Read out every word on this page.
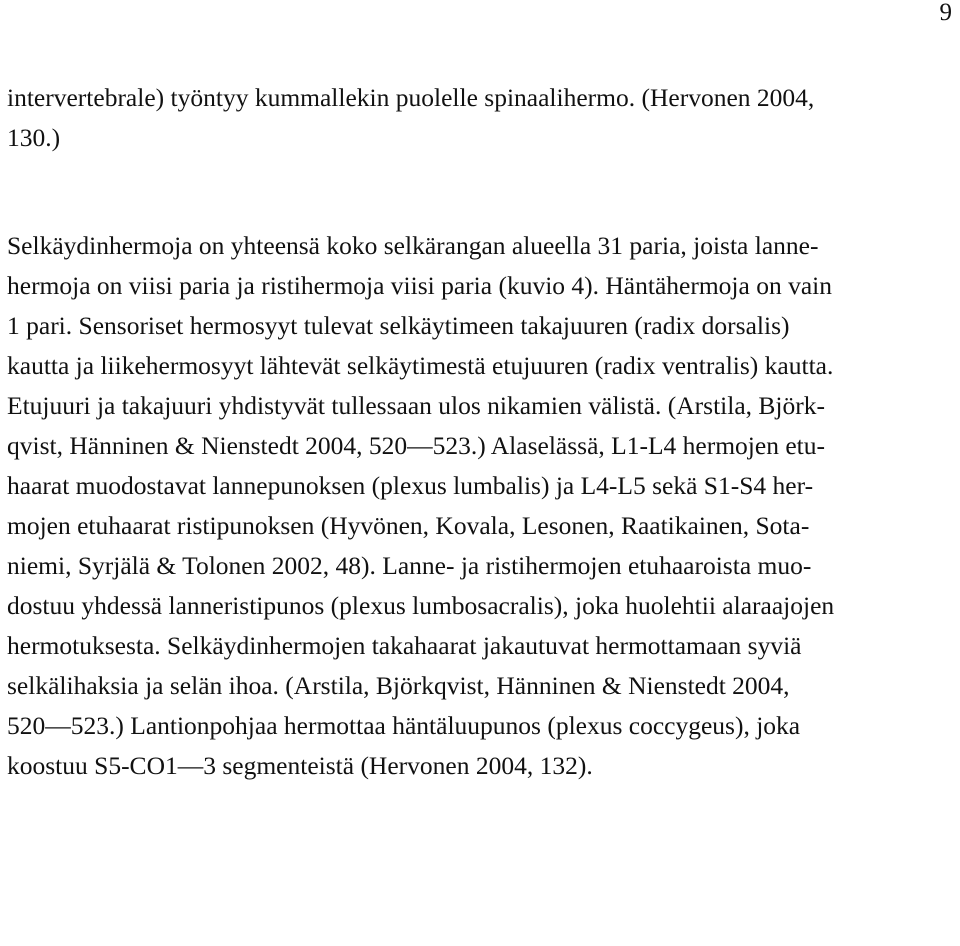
9
intervertebrale) työntyy kummallekin puolelle spinaalihermo. (Hervonen 2004,
130.)
Selkäydinhermoja on yhteensä koko selkärangan alueella 31 paria, joista lanne-
hermoja on viisi paria ja ristihermoja viisi paria (kuvio 4). Häntähermoja on vain
1 pari. Sensoriset hermosyyt tulevat selkäytimeen takajuuren (radix dorsalis)
kautta ja liikehermosyyt lähtevät selkäytimestä etujuuren (radix ventralis) kautta.
Etujuuri ja takajuuri yhdistyvät tullessaan ulos nikamien välistä. (Arstila, Björk-
qvist, Hänninen & Nienstedt 2004, 520—523.) Alaselässä, L1-L4 hermojen etu-
haarat muodostavat lannepunoksen (plexus lumbalis) ja L4-L5 sekä S1-S4 her-
mojen etuhaarat ristipunoksen (Hyvönen, Kovala, Lesonen, Raatikainen, Sota-
niemi, Syrjälä & Tolonen 2002, 48). Lanne- ja ristihermojen etuhaaroista muo-
dostuu yhdessä lanneristipunos (plexus lumbosacralis), joka huolehtii alaraajojen
hermotuksesta. Selkäydinhermojen takahaarat jakautuvat hermottamaan syviä
selkälihaksia ja selän ihoa. (Arstila, Björkqvist, Hänninen & Nienstedt 2004,
520—523.) Lantionpohjaa hermottaa häntäluupunos (plexus coccygeus), joka
koostuu S5-CO1—3 segmenteistä (Hervonen 2004, 132).
